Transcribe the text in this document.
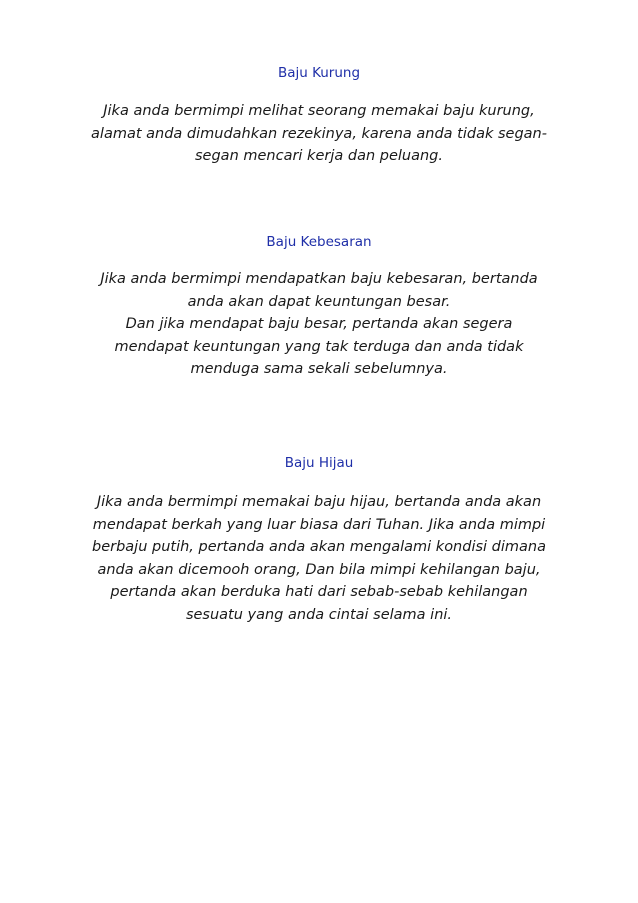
Baju Kurung

Jika anda bermimpi melihat seorang memakai baju kurung,
alamat anda dimudahkan rezekinya, karena anda tidak segan-
segan mencari kerja dan peluang.

Baju Kebesaran

Jika anda bermimpi mendapatkan baju kebesaran, bertanda
anda akan dapat keuntungan besar.
Dan jika mendapat baju besar, pertanda akan segera
mendapat keuntungan yang tak terduga dan anda tidak
menduga sama sekali sebelumnya.

Baju Hijau

Jika anda bermimpi memakai baju hijau, bertanda anda akan
mendapat berkah yang luar biasa dari Tuhan. Jika anda mimpi
berbaju putih, pertanda anda akan mengalami kondisi dimana
anda akan dicemooh orang, Dan bila mimpi kehilangan baju,
pertanda akan berduka hati dari sebab-sebab kehilangan
sesuatu yang anda cintai selama ini.
